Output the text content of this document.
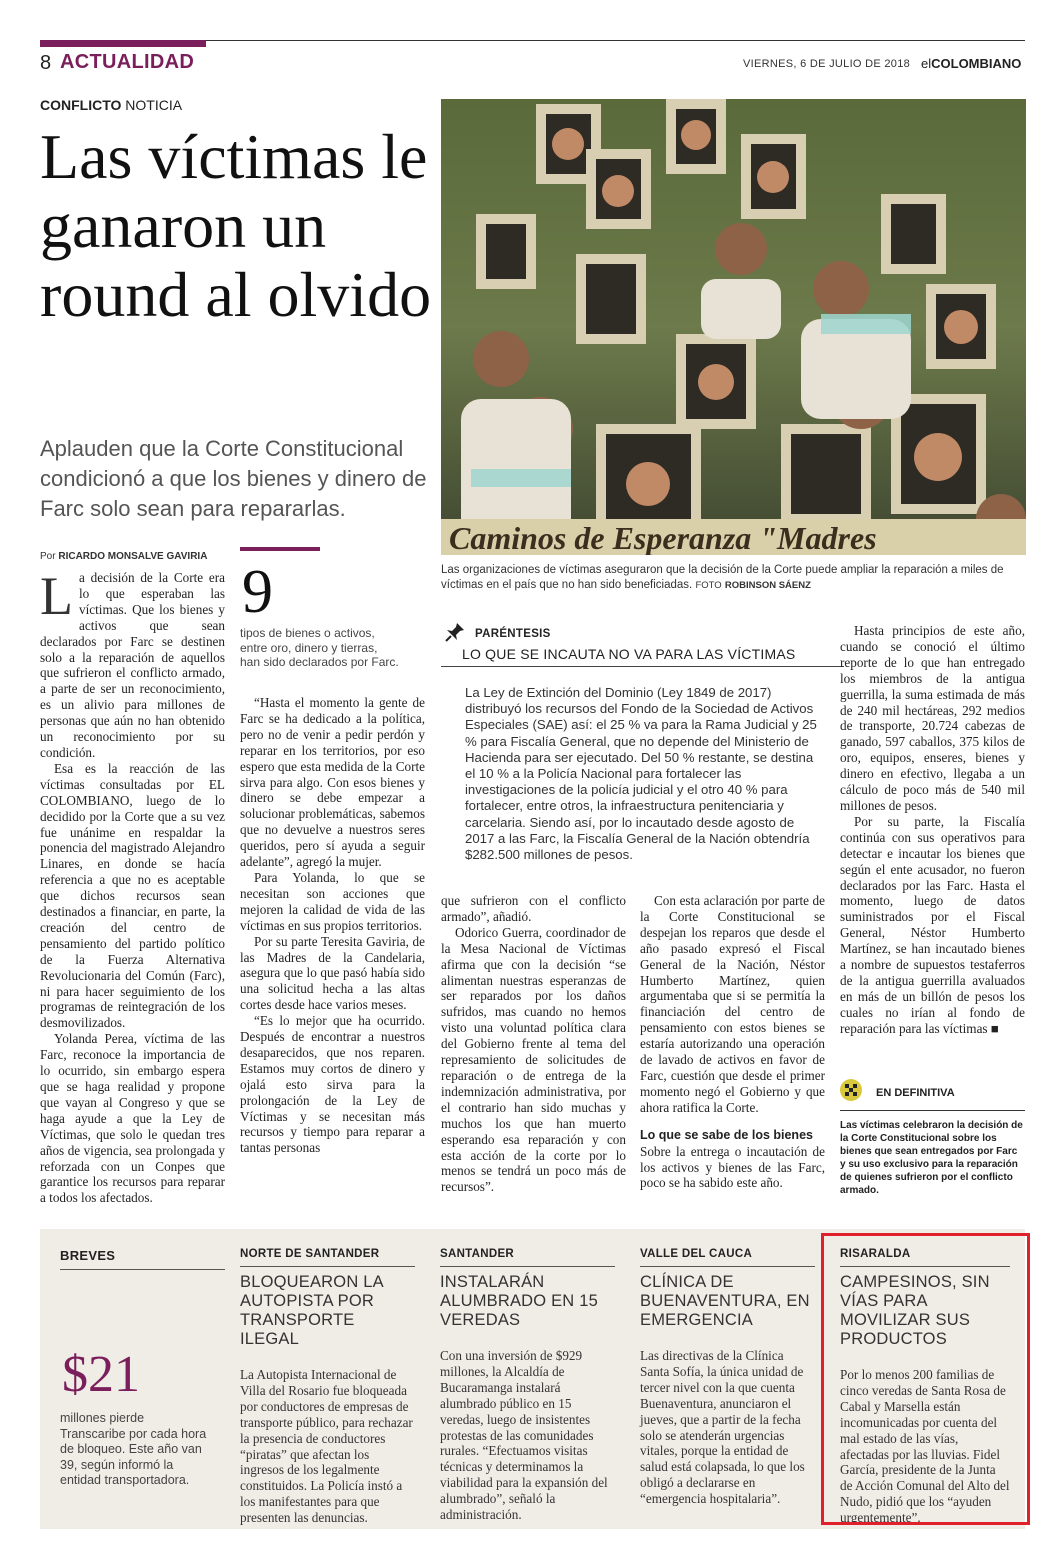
8 ACTUALIDAD	VIERNES, 6 DE JULIO DE 2018 elCOLOMBIANO
CONFLICTO NOTICIA
Las víctimas le ganaron un round al olvido
Aplauden que la Corte Constitucional condicionó a que los bienes y dinero de Farc solo sean para repararlas.
Caminos de Esperanza "Madres
Las organizaciones de víctimas aseguraron que la decisión de la Corte puede ampliar la reparación a miles de víctimas en el país que no han sido beneficiadas. FOTO ROBINSON SÁENZ
Por RICARDO MONSALVE GAVIRIA

La decisión de la Corte era lo que esperaban las víctimas. Que los bienes y activos que sean declarados por Farc se destinen solo a la reparación de aquellos que sufrieron el conflicto armado, a parte de ser un reconocimiento, es un alivio para millones de personas que aún no han obtenido un reconocimiento por su condición.

Esa es la reacción de las víctimas consultadas por EL COLOMBIANO, luego de lo decidido por la Corte que a su vez fue unánime en respaldar la ponencia del magistrado Alejandro Linares, en donde se hacía referencia a que no es aceptable que dichos recursos sean destinados a financiar, en parte, la creación del centro de pensamiento del partido político de la Fuerza Alternativa Revolucionaria del Común (Farc), ni para hacer seguimiento de los programas de reintegración de los desmovilizados.

Yolanda Perea, víctima de las Farc, reconoce la importancia de lo ocurrido, sin embargo espera que se haga realidad y propone que vayan al Congreso y que se haga ayude a que la Ley de Víctimas, que solo le quedan tres años de vigencia, sea prolongada y reforzada con un Conpes que garantice los recursos para reparar a todos los afectados.

9
tipos de bienes o activos, entre oro, dinero y tierras, han sido declarados por Farc.

“Hasta el momento la gente de Farc se ha dedicado a la política, pero no de venir a pedir perdón y reparar en los territorios, por eso espero que esta medida de la Corte sirva para algo. Con esos bienes y dinero se debe empezar a solucionar problemáticas, sabemos que no devuelve a nuestros seres queridos, pero sí ayuda a seguir adelante”, agregó la mujer.

Para Yolanda, lo que se necesitan son acciones que mejoren la calidad de vida de las víctimas en sus propios territorios.

Por su parte Teresita Gaviria, de las Madres de la Candelaria, asegura que lo que pasó había sido una solicitud hecha a las altas cortes desde hace varios meses.

“Es lo mejor que ha ocurrido. Después de encontrar a nuestros desaparecidos, que nos reparen. Estamos muy cortos de dinero y ojalá esto sirva para la prolongación de la Ley de Víctimas y se necesitan más recursos y tiempo para reparar a tantas personas

PARÉNTESIS
LO QUE SE INCAUTA NO VA PARA LAS VÍCTIMAS
La Ley de Extinción del Dominio (Ley 1849 de 2017) distribuyó los recursos del Fondo de la Sociedad de Activos Especiales (SAE) así: el 25 % va para la Rama Judicial y 25 % para Fiscalía General, que no depende del Ministerio de Hacienda para ser ejecutado. Del 50 % restante, se destina el 10 % a la Policía Nacional para fortalecer las investigaciones de la policía judicial y el otro 40 % para fortalecer, entre otros, la infraestructura penitenciaria y carcelaria. Siendo así, por lo incautado desde agosto de 2017 a las Farc, la Fiscalía General de la Nación obtendría $282.500 millones de pesos.

que sufrieron con el conflicto armado”, añadió.

Odorico Guerra, coordinador de la Mesa Nacional de Víctimas afirma que con la decisión “se alimentan nuestras esperanzas de ser reparados por los daños sufridos, mas cuando no hemos visto una voluntad política clara del Gobierno frente al tema del represamiento de solicitudes de reparación o de entrega de la indemnización administrativa, por el contrario han sido muchas y muchos los que han muerto esperando esa reparación y con esta acción de la corte por lo menos se tendrá un poco más de recursos”.

Con esta aclaración por parte de la Corte Constitucional se despejan los reparos que desde el año pasado expresó el Fiscal General de la Nación, Néstor Humberto Martínez, quien argumentaba que si se permitía la financiación del centro de pensamiento con estos bienes se estaría autorizando una operación de lavado de activos en favor de Farc, cuestión que desde el primer momento negó el Gobierno y que ahora ratifica la Corte.

Lo que se sabe de los bienes

Sobre la entrega o incautación de los activos y bienes de las Farc, poco se ha sabido este año.

Hasta principios de este año, cuando se conoció el último reporte de lo que han entregado los miembros de la antigua guerrilla, la suma estimada de más de 240 mil hectáreas, 292 medios de transporte, 20.724 cabezas de ganado, 597 caballos, 375 kilos de oro, equipos, enseres, bienes y dinero en efectivo, llegaba a un cálculo de poco más de 540 mil millones de pesos.

Por su parte, la Fiscalía continúa con sus operativos para detectar e incautar los bienes que según el ente acusador, no fueron declarados por las Farc. Hasta el momento, luego de datos suministrados por el Fiscal General, Néstor Humberto Martínez, se han incautado bienes a nombre de supuestos testaferros de la antigua guerrilla avaluados en más de un billón de pesos los cuales no irían al fondo de reparación para las víctimas ■

EN DEFINITIVA
Las víctimas celebraron la decisión de la Corte Constitucional sobre los bienes que sean entregados por Farc y su uso exclusivo para la reparación de quienes sufrieron por el conflicto armado.
BREVES
$21
millones pierde Transcaribe por cada hora de bloqueo. Este año van 39, según informó la entidad transportadora.
NORTE DE SANTANDER
BLOQUEARON LA AUTOPISTA POR TRANSPORTE ILEGAL
La Autopista Internacional de Villa del Rosario fue bloqueada por conductores de empresas de transporte público, para rechazar la presencia de conductores “piratas” que afectan los ingresos de los legalmente constituidos. La Policía instó a los manifestantes para que presenten las denuncias.
SANTANDER
INSTALARÁN ALUMBRADO EN 15 VEREDAS
Con una inversión de $929 millones, la Alcaldía de Bucaramanga instalará alumbrado público en 15 veredas, luego de insistentes protestas de las comunidades rurales. “Efectuamos visitas técnicas y determinamos la viabilidad para la expansión del alumbrado”, señaló la administración.
VALLE DEL CAUCA
CLÍNICA DE BUENAVENTURA, EN EMERGENCIA
Las directivas de la Clínica Santa Sofía, la única unidad de tercer nivel con la que cuenta Buenaventura, anunciaron el jueves, que a partir de la fecha solo se atenderán urgencias vitales, porque la entidad de salud está colapsada, lo que los obligó a declararse en “emergencia hospitalaria”.
RISARALDA
CAMPESINOS, SIN VÍAS PARA MOVILIZAR SUS PRODUCTOS
Por lo menos 200 familias de cinco veredas de Santa Rosa de Cabal y Marsella están incomunicadas por cuenta del mal estado de las vías, afectadas por las lluvias. Fidel García, presidente de la Junta de Acción Comunal del Alto del Nudo, pidió que los “ayuden urgentemente”.
